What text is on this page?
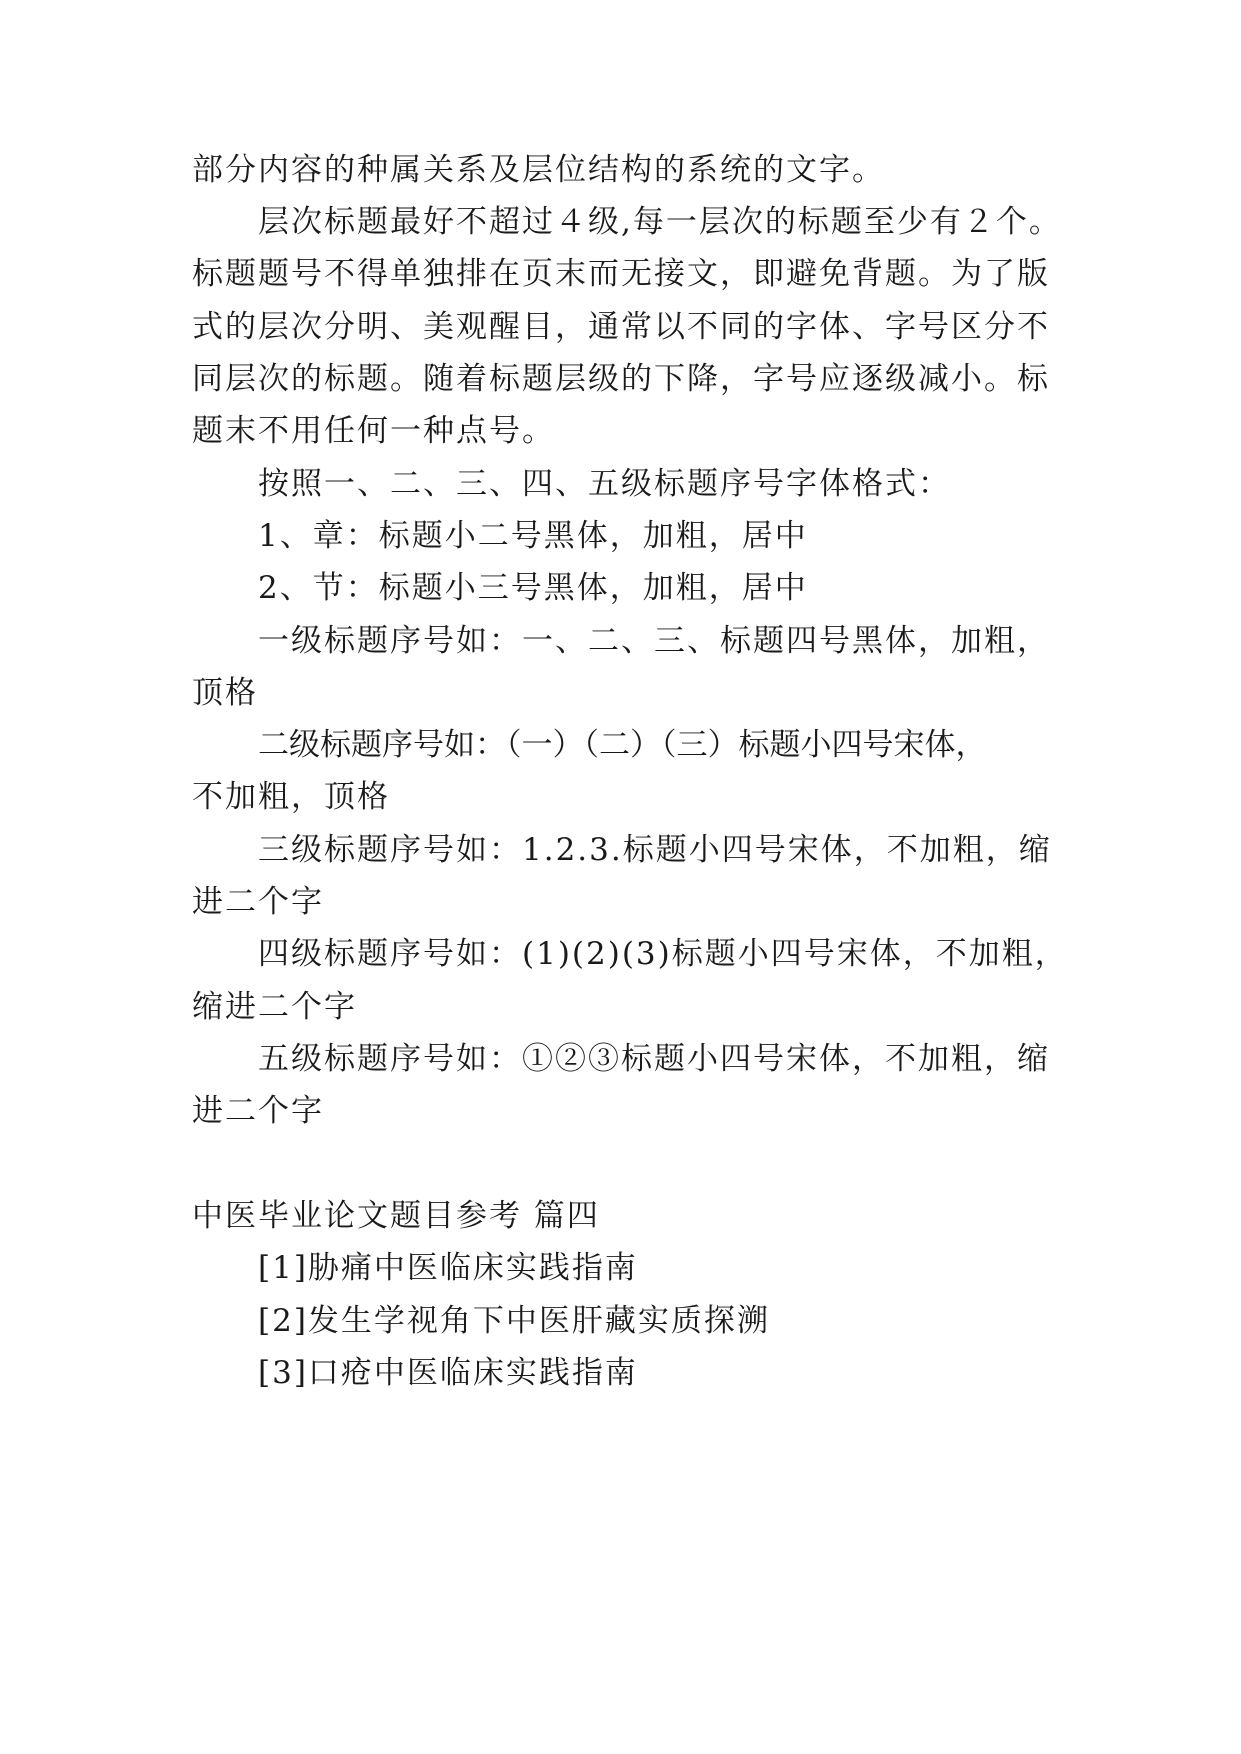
部分内容的种属关系及层位结构的系统的文字。

层次标题最好不超过４级,每一层次的标题至少有２个。

标题题号不得单独排在页末而无接文，即避免背题。为了版

式的层次分明、美观醒目，通常以不同的字体、字号区分不

同层次的标题。随着标题层级的下降，字号应逐级减小。标

题末不用任何一种点号。

按照一、二、三、四、五级标题序号字体格式：

1、章：标题小二号黑体，加粗，居中

2、节：标题小三号黑体，加粗，居中

一级标题序号如：一、二、三、标题四号黑体，加粗，

顶格

二级标题序号如：（一）（二）（三）标题小四号宋体，

不加粗，顶格

三级标题序号如：1.2.3.标题小四号宋体，不加粗，缩

进二个字

四级标题序号如：(1)(2)(3)标题小四号宋体，不加粗，

缩进二个字

五级标题序号如：①②③标题小四号宋体，不加粗，缩

进二个字

中医毕业论文题目参考 篇四

[1]胁痛中医临床实践指南

[2]发生学视角下中医肝藏实质探溯

[3]口疮中医临床实践指南
